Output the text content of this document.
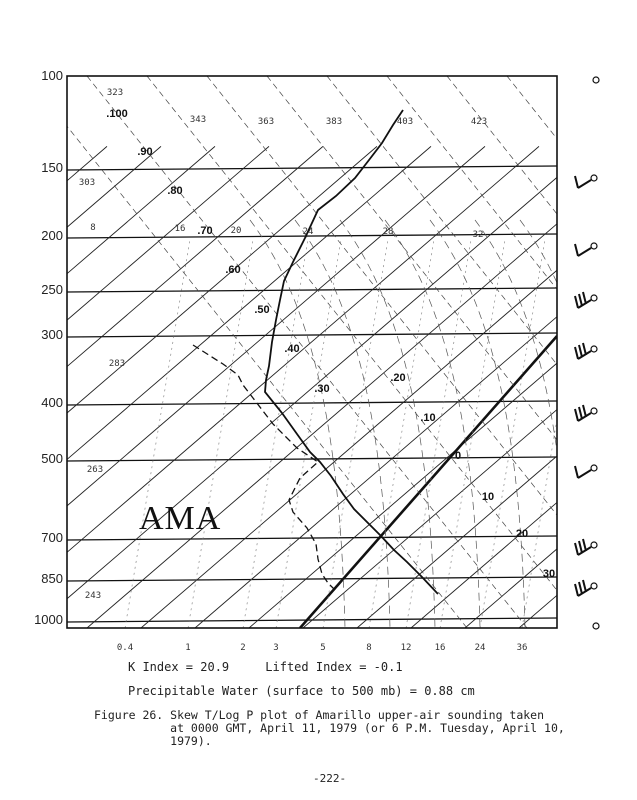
100
150
200
250
300
400
500
700
850
1000
323
343	363	383	403	423
303
283
263
243
8	16	20	24	28	32
.100
.90
.80
.70
.60
.50
.40
.30
.20
.10
0
10
20
30
0.4	1	2	3	5	8	12	16	24	36
AMA
K Index = 20.9	Lifted Index = -0.1
Precipitable Water (surface to 500 mb) = 0.88 cm
Figure 26. Skew T/Log P plot of Amarillo upper-air sounding taken
at 0000 GMT, April 11, 1979 (or 6 P.M. Tuesday, April 10,
1979).
-222-
